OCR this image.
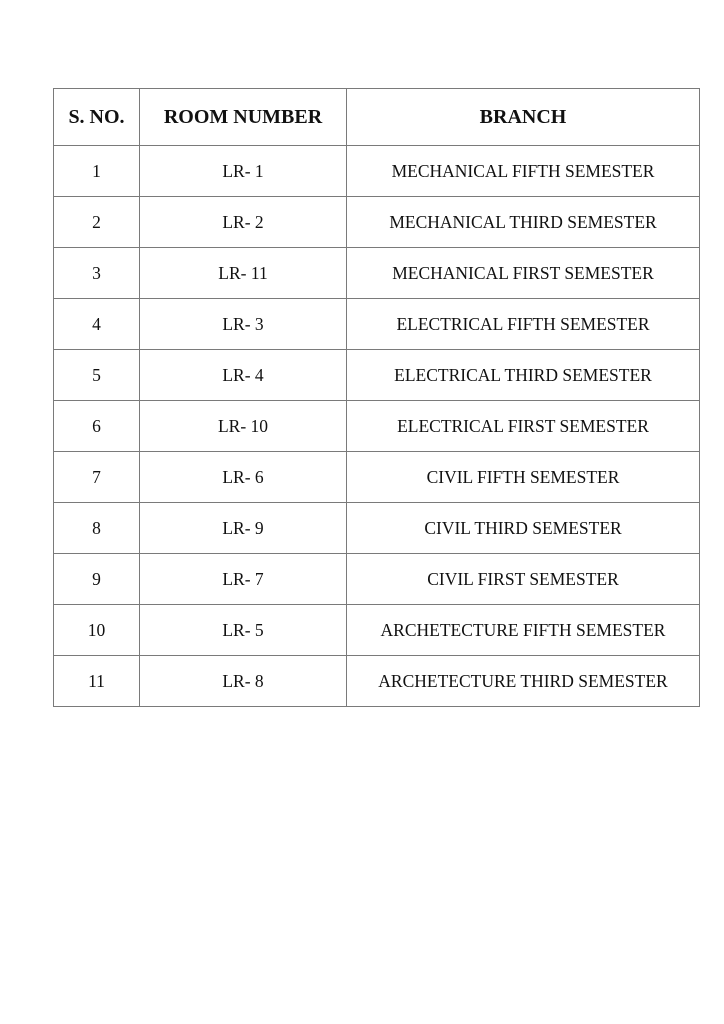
S. NO.	ROOM NUMBER	BRANCH
1	LR- 1	MECHANICAL FIFTH SEMESTER
2	LR- 2	MECHANICAL THIRD SEMESTER
3	LR- 11	MECHANICAL FIRST SEMESTER
4	LR- 3	ELECTRICAL FIFTH SEMESTER
5	LR- 4	ELECTRICAL THIRD SEMESTER
6	LR- 10	ELECTRICAL FIRST SEMESTER
7	LR- 6	CIVIL FIFTH SEMESTER
8	LR- 9	CIVIL THIRD SEMESTER
9	LR- 7	CIVIL FIRST SEMESTER
10	LR- 5	ARCHETECTURE FIFTH SEMESTER
11	LR- 8	ARCHETECTURE THIRD SEMESTER
